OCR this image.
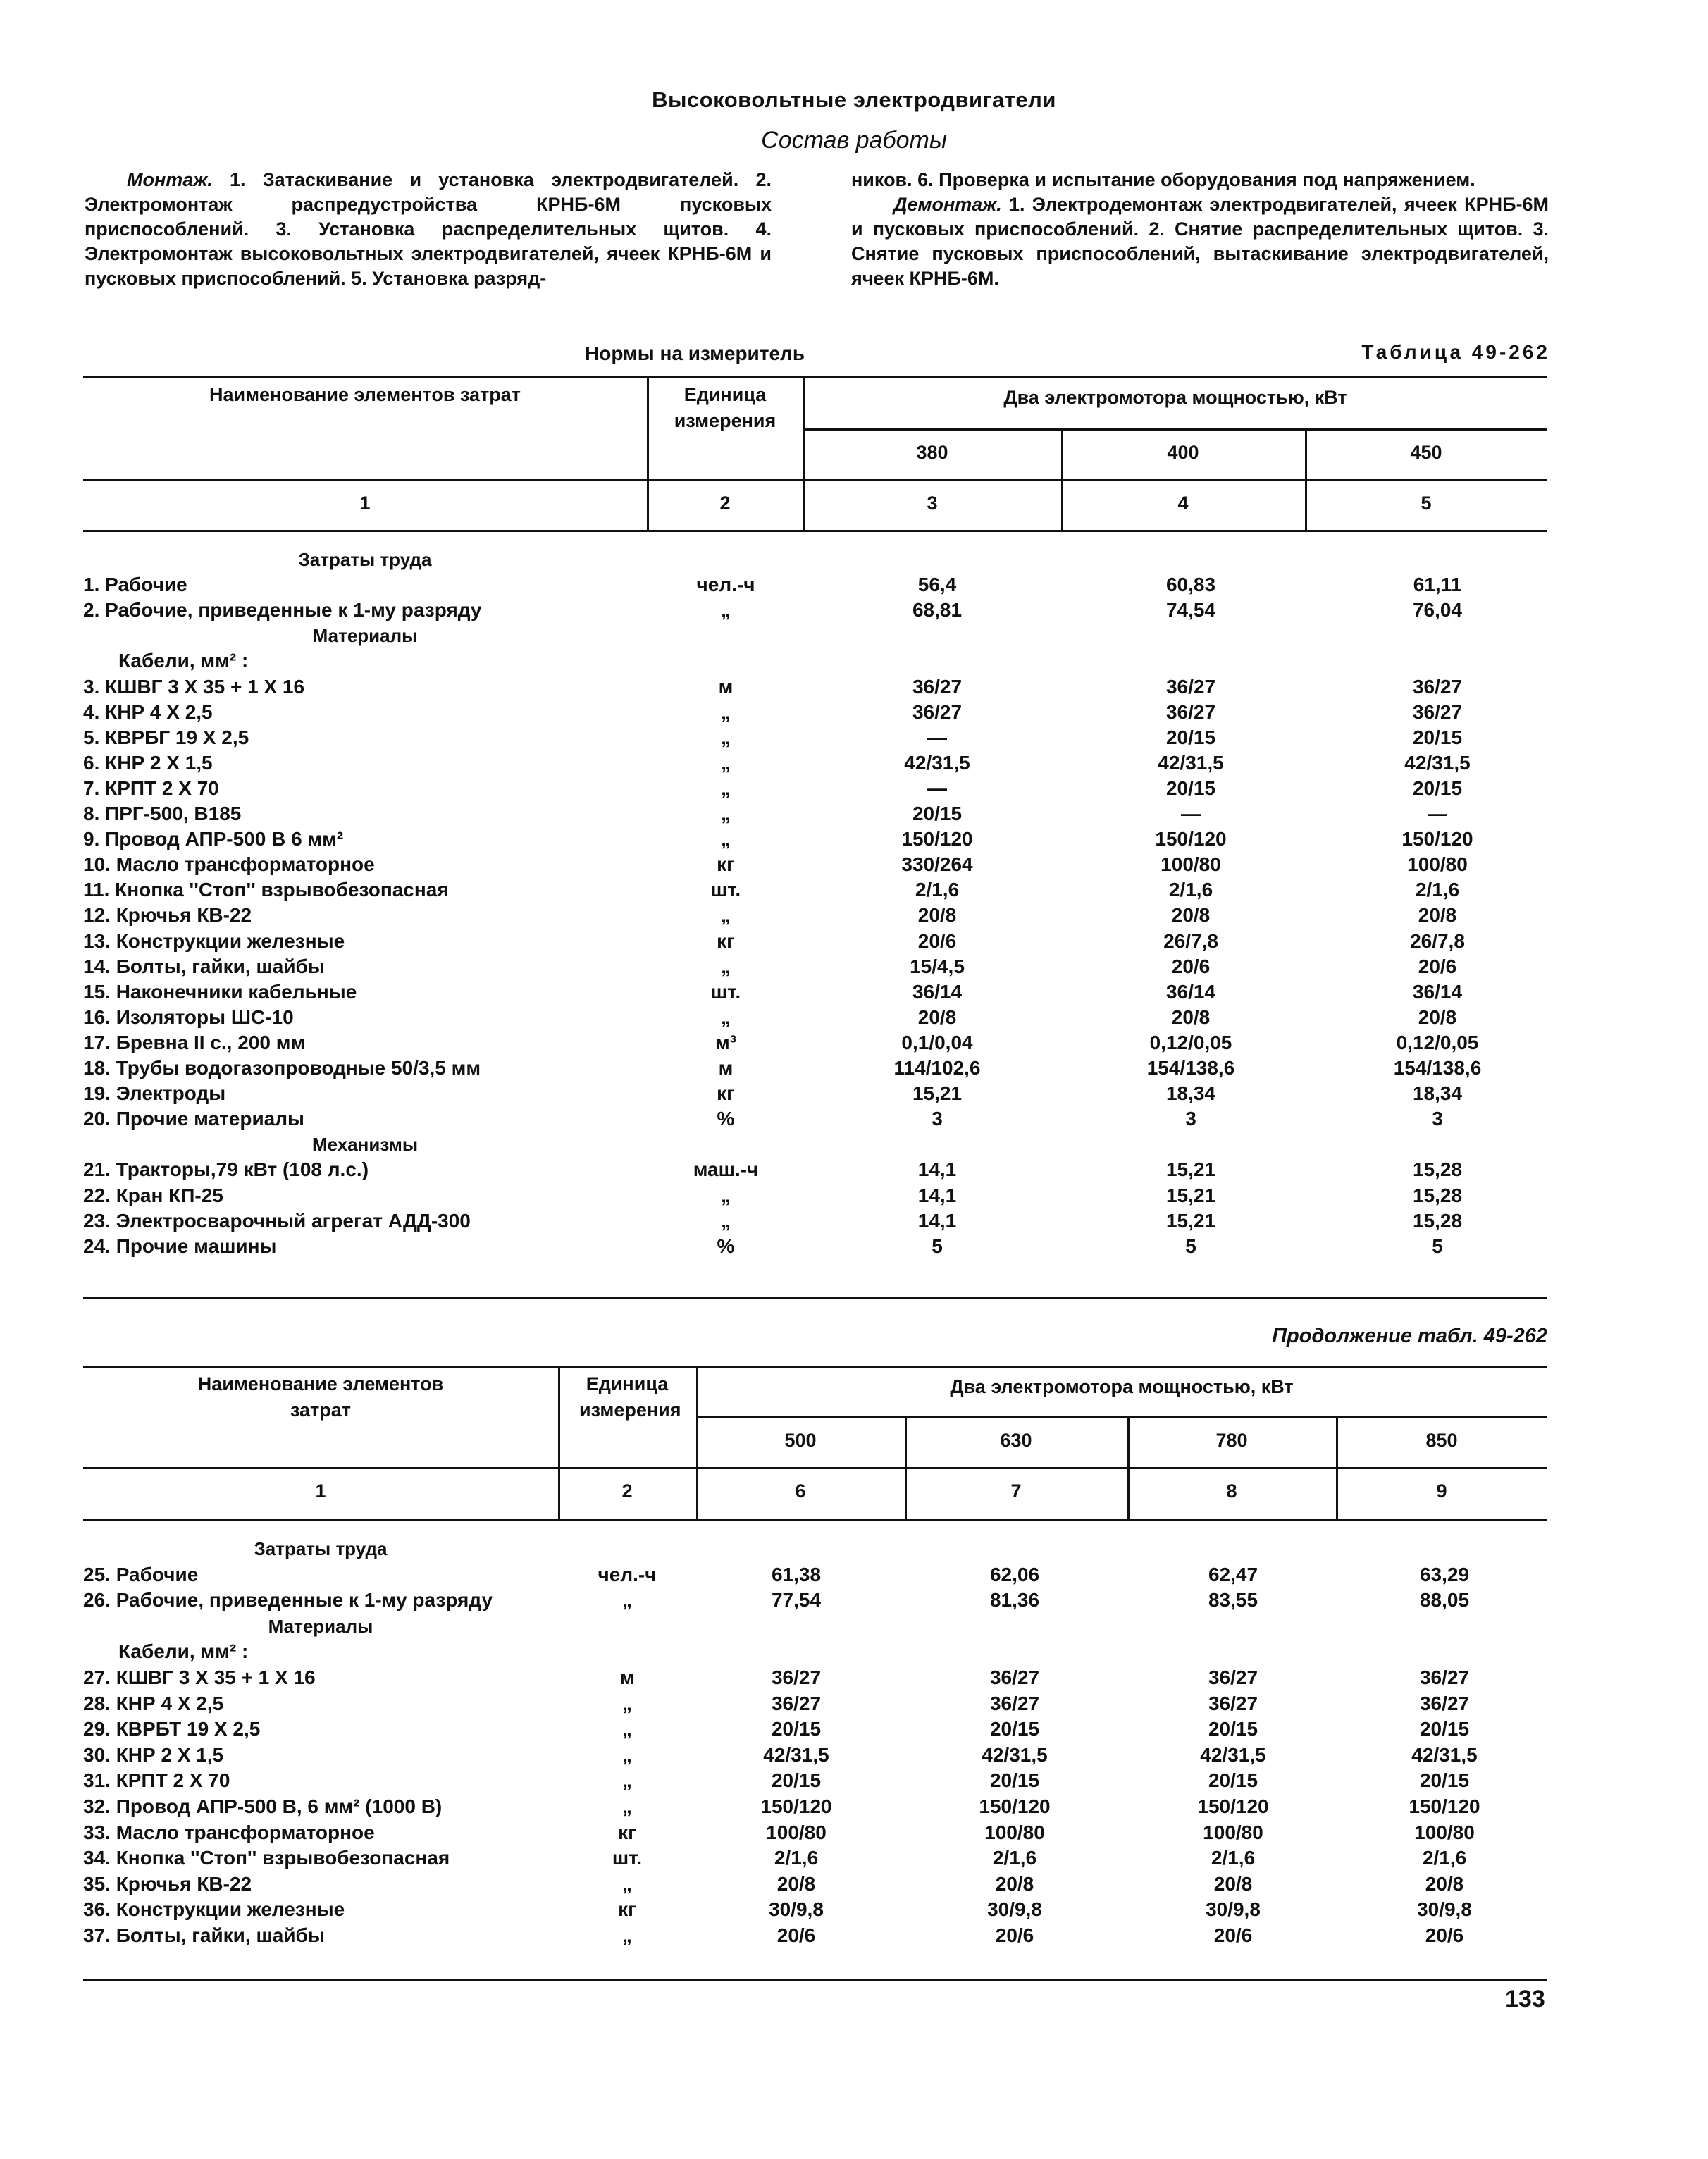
Высоковольтные электродвигатели
Состав работы
Монтаж. 1. Затаскивание и установка электродвигателей. 2. Электромонтаж распредустройства КРНБ-6М пусковых приспособлений. 3. Установка распределительных щитов. 4. Электромонтаж высоковольтных электродвигателей, ячеек КРНБ-6М и пусковых приспособлений. 5. Установка разряд-
ников. 6. Проверка и испытание оборудования под напряжением.
Демонтаж. 1. Электродемонтаж электродвигателей, ячеек КРНБ-6М и пусковых приспособлений. 2. Снятие распределительных щитов. 3. Снятие пусковых приспособлений, вытаскивание электродвигателей, ячеек КРНБ-6М.
Нормы на измеритель	Таблица 49-262
Наименование элементов затрат	Единица измерения
Два электромотора мощностью, кВт
380	400	450
1	2	3	4	5
Затраты труда
1. Рабочие	чел.-ч	56,4	60,83	61,11
2. Рабочие, приведенные к 1-му разряду	„	68,81	74,54	76,04
Материалы
Кабели, мм² :
3. КШВГ 3 X 35 + 1 X 16	м	36/27	36/27	36/27
4. КНР 4 X 2,5	„	36/27	36/27	36/27
5. КВРБГ 19 X 2,5	„	—	20/15	20/15
6. КНР 2 X 1,5	„	42/31,5	42/31,5	42/31,5
7. КРПТ 2 X 70	„	—	20/15	20/15
8. ПРГ-500, В185	„	20/15	—	—
9. Провод АПР-500 В 6 мм²	„	150/120	150/120	150/120
10. Масло трансформаторное	кг	330/264	100/80	100/80
11. Кнопка ''Стоп'' взрывобезопасная	шт.	2/1,6	2/1,6	2/1,6
12. Крючья КВ-22	„	20/8	20/8	20/8
13. Конструкции железные	кг	20/6	26/7,8	26/7,8
14. Болты, гайки, шайбы	„	15/4,5	20/6	20/6
15. Наконечники кабельные	шт.	36/14	36/14	36/14
16. Изоляторы ШС-10	„	20/8	20/8	20/8
17. Бревна II с., 200 мм	м³	0,1/0,04	0,12/0,05	0,12/0,05
18. Трубы водогазопроводные 50/3,5 мм	м	114/102,6	154/138,6	154/138,6
19. Электроды	кг	15,21	18,34	18,34
20. Прочие материалы	%	3	3	3
Механизмы
21. Тракторы,79 кВт (108 л.с.)	маш.-ч	14,1	15,21	15,28
22. Кран КП-25	„	14,1	15,21	15,28
23. Электросварочный агрегат АДД-300	„	14,1	15,21	15,28
24. Прочие машины	%	5	5	5
Продолжение табл. 49-262
Наименование элементов затрат
Единица измерения
Два электромотора мощностью, кВт
500	630	780	850
1	2	6	7	8	9
Затраты труда
25. Рабочие	чел.-ч	61,38	62,06	62,47	63,29
26. Рабочие, приведенные к 1-му разряду	„	77,54	81,36	83,55	88,05
Материалы
Кабели, мм² :
27. КШВГ 3 X 35 + 1 X 16	м	36/27	36/27	36/27	36/27
28. КНР 4 X 2,5	„	36/27	36/27	36/27	36/27
29. КВРБТ 19 X 2,5	„	20/15	20/15	20/15	20/15
30. КНР 2 X 1,5	„	42/31,5	42/31,5	42/31,5	42/31,5
31. КРПТ 2 X 70	„	20/15	20/15	20/15	20/15
32. Провод АПР-500 В, 6 мм² (1000 В)	„	150/120	150/120	150/120	150/120
33. Масло трансформаторное	кг	100/80	100/80	100/80	100/80
34. Кнопка ''Стоп'' взрывобезопасная	шт.	2/1,6	2/1,6	2/1,6	2/1,6
35. Крючья КВ-22	„	20/8	20/8	20/8	20/8
36. Конструкции железные	кг	30/9,8	30/9,8	30/9,8	30/9,8
37. Болты, гайки, шайбы	„	20/6	20/6	20/6	20/6
133
